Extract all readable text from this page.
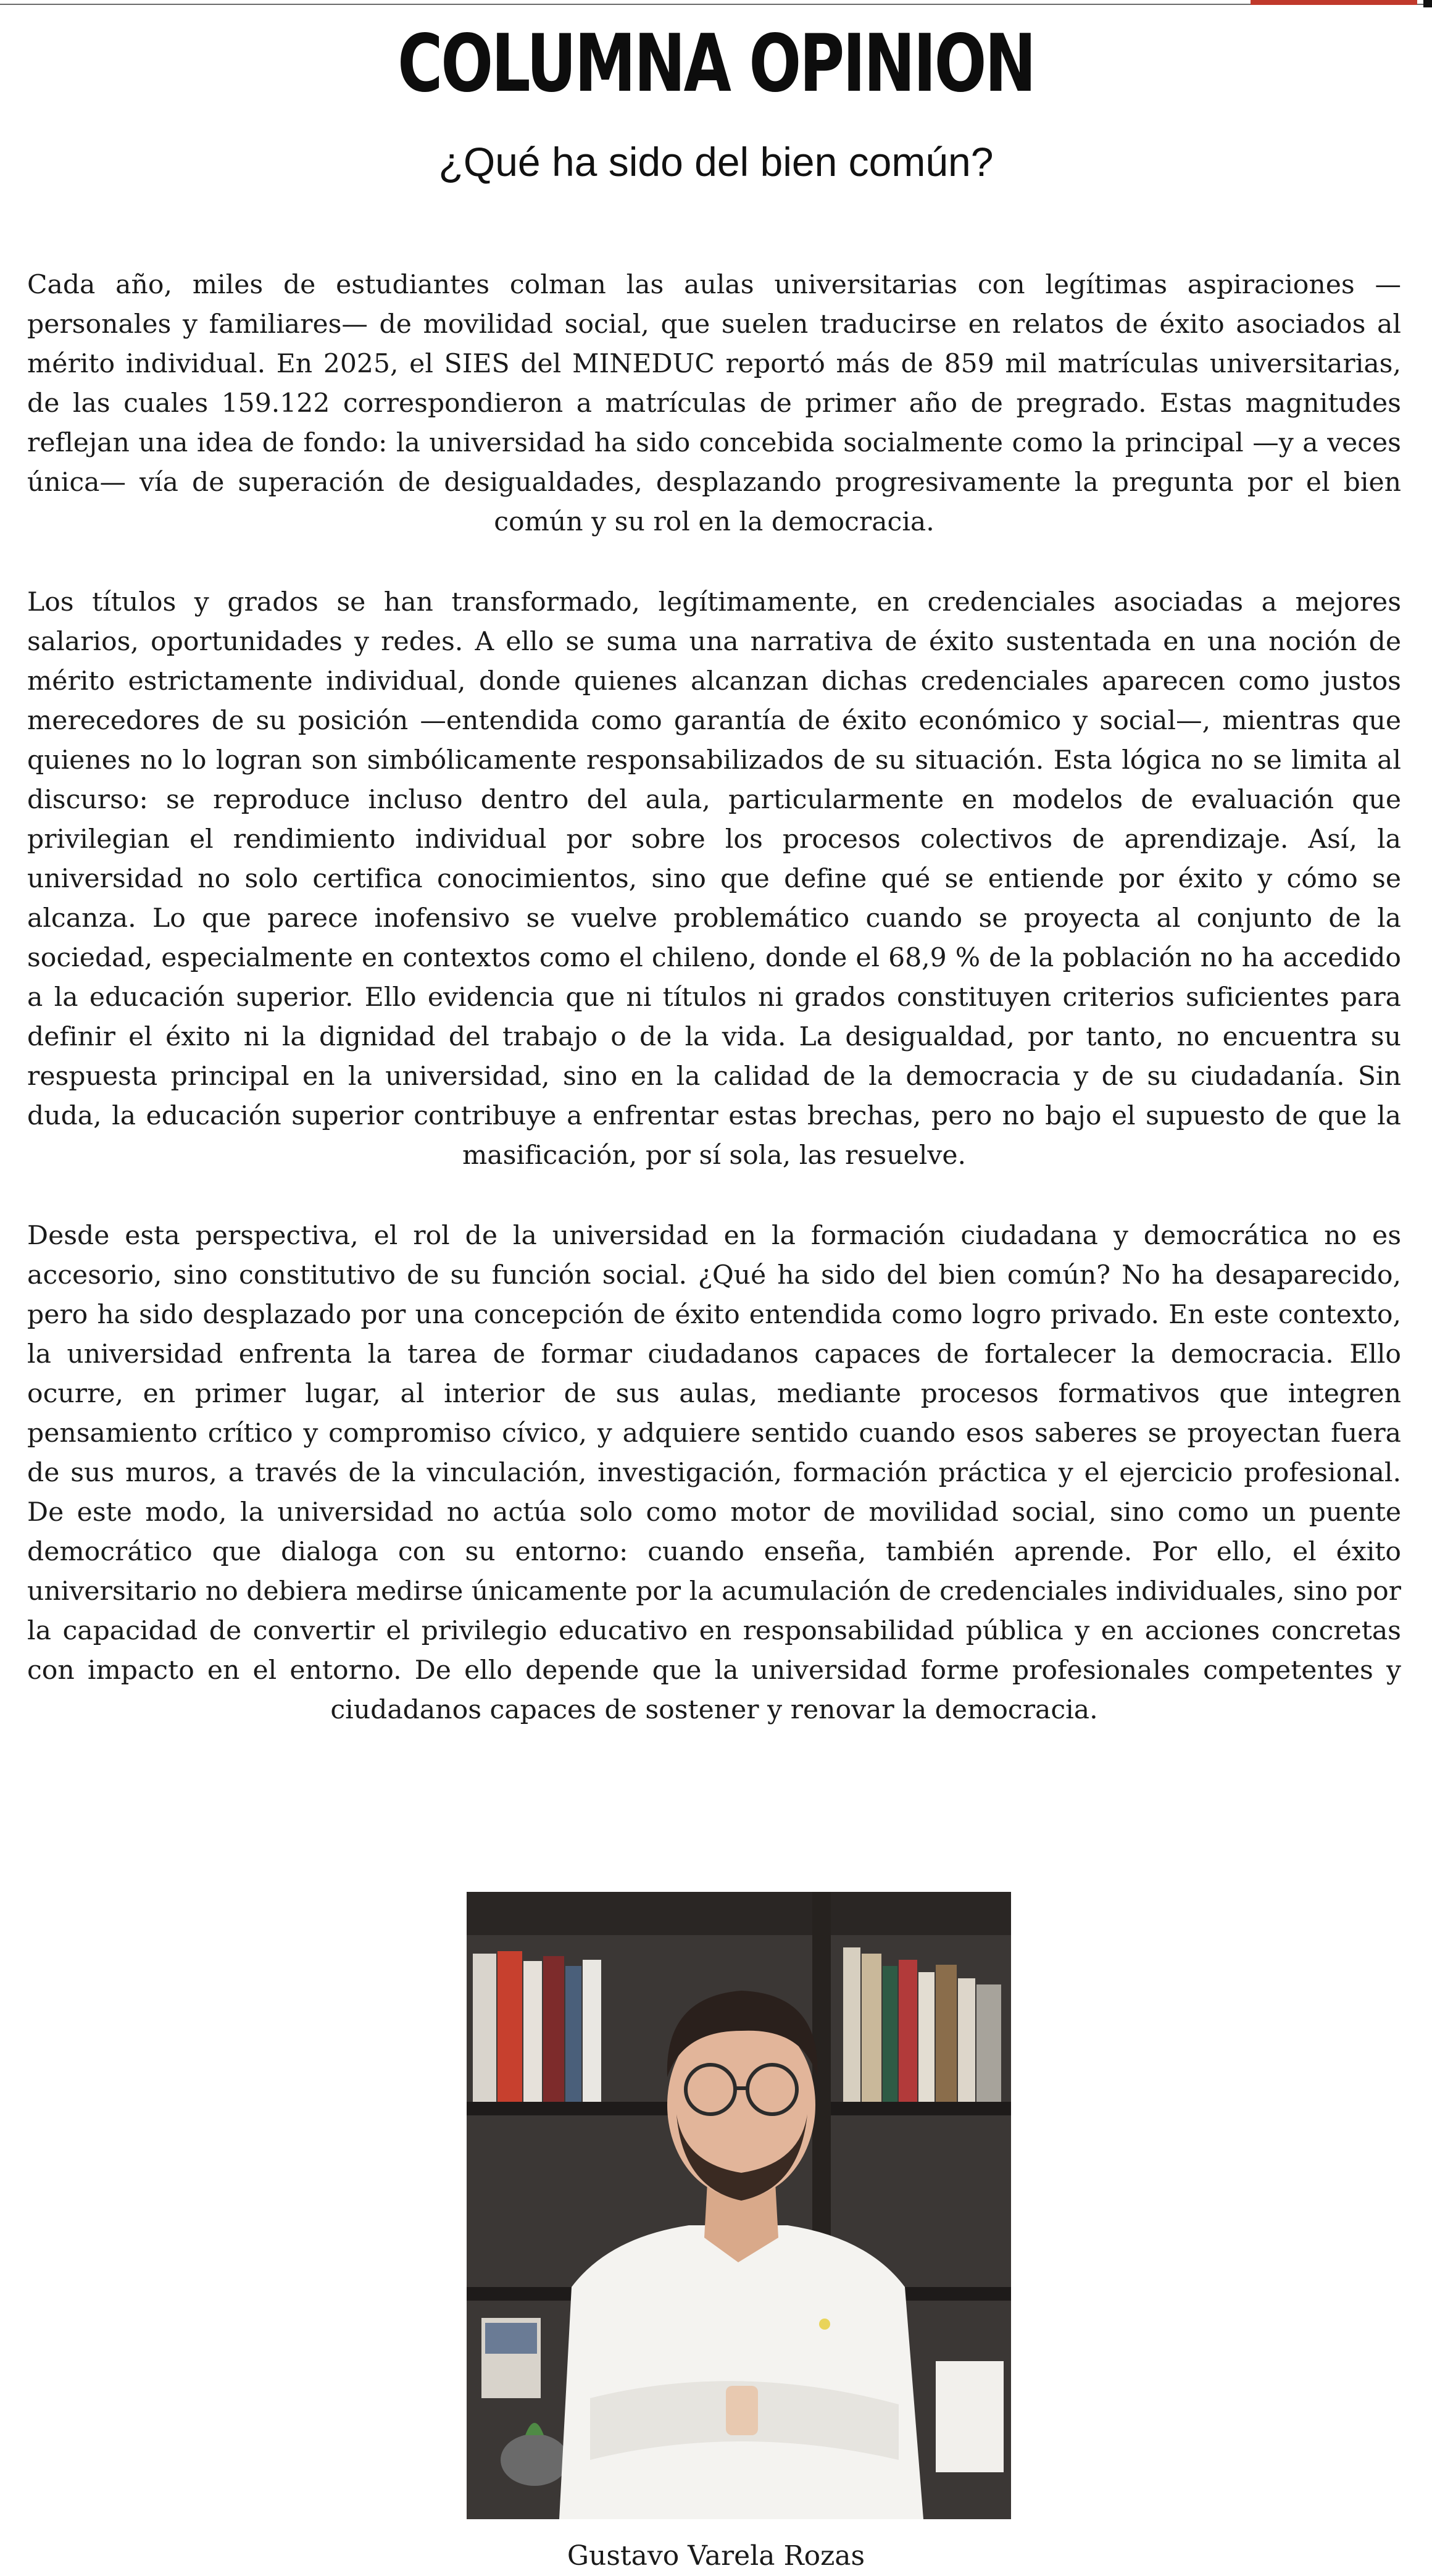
COLUMNA OPINION
¿Qué ha sido del bien común?

Cada año, miles de estudiantes colman las aulas universitarias con legítimas aspiraciones —personales y familiares— de movilidad social, que suelen traducirse en relatos de éxito asociados al mérito individual. En 2025, el SIES del MINEDUC reportó más de 859 mil matrículas universitarias, de las cuales 159.122 correspondieron a matrículas de primer año de pregrado. Estas magnitudes reflejan una idea de fondo: la universidad ha sido concebida socialmente como la principal —y a veces única— vía de superación de desigualdades, desplazando progresivamente la pregunta por el bien común y su rol en la democracia.

Los títulos y grados se han transformado, legítimamente, en credenciales asociadas a mejores salarios, oportunidades y redes. A ello se suma una narrativa de éxito sustentada en una noción de mérito estrictamente individual, donde quienes alcanzan dichas credenciales aparecen como justos merecedores de su posición —entendida como garantía de éxito económico y social—, mientras que quienes no lo logran son simbólicamente responsabilizados de su situación. Esta lógica no se limita al discurso: se reproduce incluso dentro del aula, particularmente en modelos de evaluación que privilegian el rendimiento individual por sobre los procesos colectivos de aprendizaje. Así, la universidad no solo certifica conocimientos, sino que define qué se entiende por éxito y cómo se alcanza. Lo que parece inofensivo se vuelve problemático cuando se proyecta al conjunto de la sociedad, especialmente en contextos como el chileno, donde el 68,9 % de la población no ha accedido a la educación superior. Ello evidencia que ni títulos ni grados constituyen criterios suficientes para definir el éxito ni la dignidad del trabajo o de la vida. La desigualdad, por tanto, no encuentra su respuesta principal en la universidad, sino en la calidad de la democracia y de su ciudadanía. Sin duda, la educación superior contribuye a enfrentar estas brechas, pero no bajo el supuesto de que la masificación, por sí sola, las resuelve.

Desde esta perspectiva, el rol de la universidad en la formación ciudadana y democrática no es accesorio, sino constitutivo de su función social. ¿Qué ha sido del bien común? No ha desaparecido, pero ha sido desplazado por una concepción de éxito entendida como logro privado. En este contexto, la universidad enfrenta la tarea de formar ciudadanos capaces de fortalecer la democracia. Ello ocurre, en primer lugar, al interior de sus aulas, mediante procesos formativos que integren pensamiento crítico y compromiso cívico, y adquiere sentido cuando esos saberes se proyectan fuera de sus muros, a través de la vinculación, investigación, formación práctica y el ejercicio profesional. De este modo, la universidad no actúa solo como motor de movilidad social, sino como un puente democrático que dialoga con su entorno: cuando enseña, también aprende. Por ello, el éxito universitario no debiera medirse únicamente por la acumulación de credenciales individuales, sino por la capacidad de convertir el privilegio educativo en responsabilidad pública y en acciones concretas con impacto en el entorno. De ello depende que la universidad forme profesionales competentes y ciudadanos capaces de sostener y renovar la democracia.

Gustavo Varela Rozas
